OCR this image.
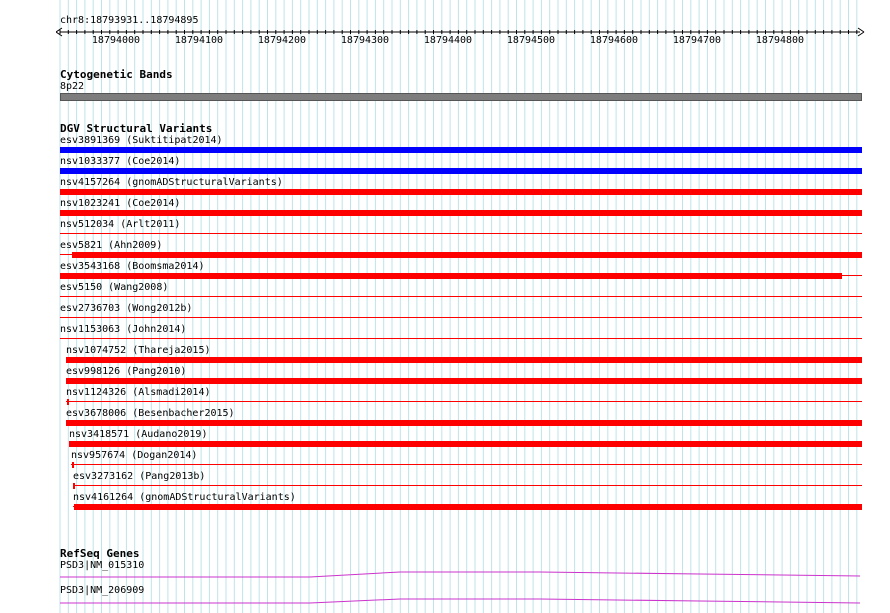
chr8:18793931..18794895
18794000	18794100	18794200	18794300	18794400	18794500	18794600	18794700	18794800
Cytogenetic Bands
8p22
DGV Structural Variants
esv3891369 (Suktitipat2014)
nsv1033377 (Coe2014)
nsv4157264 (gnomADStructuralVariants)
nsv1023241 (Coe2014)
nsv512034 (Arlt2011)
esv5821 (Ahn2009)
esv3543168 (Boomsma2014)
esv5150 (Wang2008)
esv2736703 (Wong2012b)
nsv1153063 (John2014)
nsv1074752 (Thareja2015)
esv998126 (Pang2010)
nsv1124326 (Alsmadi2014)
esv3678006 (Besenbacher2015)
nsv3418571 (Audano2019)
nsv957674 (Dogan2014)
esv3273162 (Pang2013b)
nsv4161264 (gnomADStructuralVariants)
RefSeq Genes
PSD3|NM_015310
PSD3|NM_206909
